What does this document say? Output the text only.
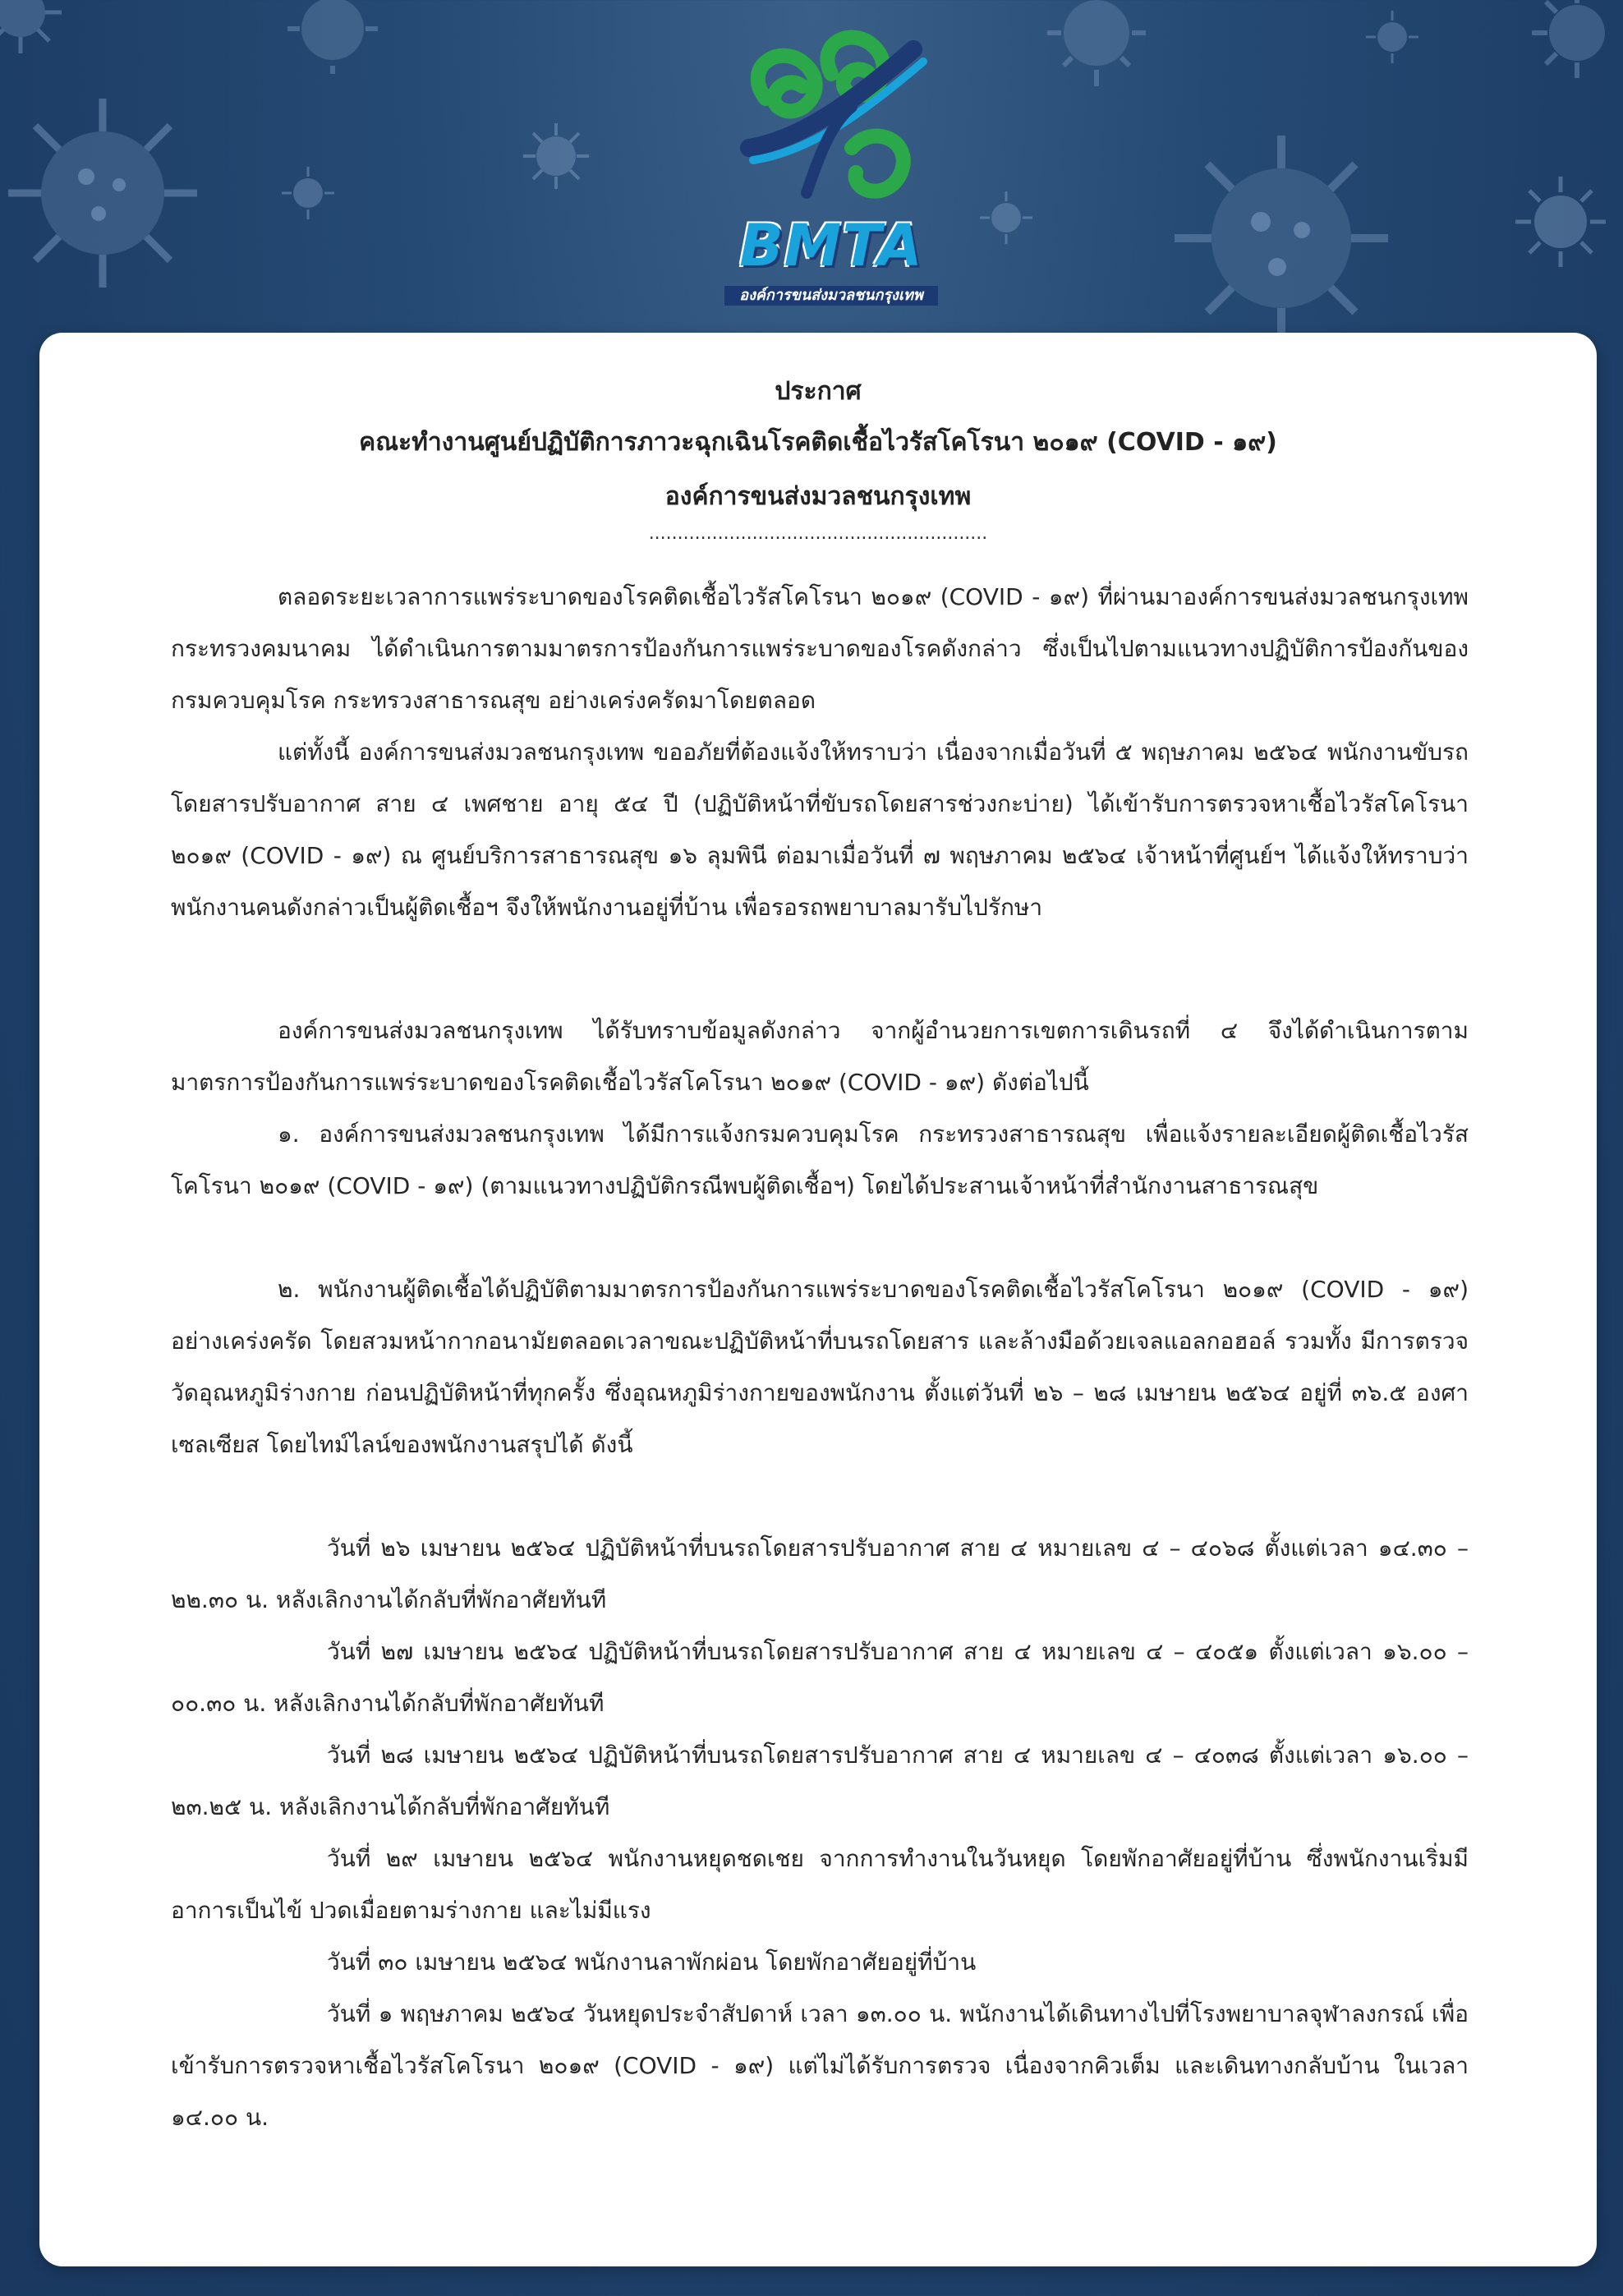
BMTA
องค์การขนส่งมวลชนกรุงเทพ
ประกาศ
คณะทำงานศูนย์ปฏิบัติการภาวะฉุกเฉินโรคติดเชื้อไวรัสโคโรนา ๒๐๑๙ (COVID - ๑๙)
องค์การขนส่งมวลชนกรุงเทพ
...........................................................

ตลอดระยะเวลาการแพร่ระบาดของโรคติดเชื้อไวรัสโคโรนา ๒๐๑๙ (COVID - ๑๙) ที่ผ่านมาองค์การขนส่งมวลชนกรุงเทพ กระทรวงคมนาคม ได้ดำเนินการตามมาตรการป้องกันการแพร่ระบาดของโรคดังกล่าว ซึ่งเป็นไปตามแนวทางปฏิบัติการป้องกันของกรมควบคุมโรค กระทรวงสาธารณสุข อย่างเคร่งครัดมาโดยตลอด

แต่ทั้งนี้ องค์การขนส่งมวลชนกรุงเทพ ขออภัยที่ต้องแจ้งให้ทราบว่า เนื่องจากเมื่อวันที่ ๕ พฤษภาคม ๒๕๖๔ พนักงานขับรถโดยสารปรับอากาศ สาย ๔ เพศชาย อายุ ๕๔ ปี (ปฏิบัติหน้าที่ขับรถโดยสารช่วงกะบ่าย) ได้เข้ารับการตรวจหาเชื้อไวรัสโคโรนา ๒๐๑๙ (COVID - ๑๙) ณ ศูนย์บริการสาธารณสุข ๑๖ ลุมพินี ต่อมาเมื่อวันที่ ๗ พฤษภาคม ๒๕๖๔ เจ้าหน้าที่ศูนย์ฯ ได้แจ้งให้ทราบว่า พนักงานคนดังกล่าวเป็นผู้ติดเชื้อฯ จึงให้พนักงานอยู่ที่บ้าน เพื่อรอรถพยาบาลมารับไปรักษา

องค์การขนส่งมวลชนกรุงเทพ ได้รับทราบข้อมูลดังกล่าว จากผู้อำนวยการเขตการเดินรถที่ ๔ จึงได้ดำเนินการตามมาตรการป้องกันการแพร่ระบาดของโรคติดเชื้อไวรัสโคโรนา ๒๐๑๙ (COVID - ๑๙) ดังต่อไปนี้

๑. องค์การขนส่งมวลชนกรุงเทพ ได้มีการแจ้งกรมควบคุมโรค กระทรวงสาธารณสุข เพื่อแจ้งรายละเอียดผู้ติดเชื้อไวรัสโคโรนา ๒๐๑๙ (COVID - ๑๙) (ตามแนวทางปฏิบัติกรณีพบผู้ติดเชื้อฯ) โดยได้ประสานเจ้าหน้าที่สำนักงานสาธารณสุข

๒. พนักงานผู้ติดเชื้อได้ปฏิบัติตามมาตรการป้องกันการแพร่ระบาดของโรคติดเชื้อไวรัสโคโรนา ๒๐๑๙ (COVID - ๑๙) อย่างเคร่งครัด โดยสวมหน้ากากอนามัยตลอดเวลาขณะปฏิบัติหน้าที่บนรถโดยสาร และล้างมือด้วยเจลแอลกอฮอล์ รวมทั้ง มีการตรวจวัดอุณหภูมิร่างกาย ก่อนปฏิบัติหน้าที่ทุกครั้ง ซึ่งอุณหภูมิร่างกายของพนักงาน ตั้งแต่วันที่ ๒๖ – ๒๘ เมษายน ๒๕๖๔ อยู่ที่ ๓๖.๕ องศาเซลเซียส โดยไทม์ไลน์ของพนักงานสรุปได้ ดังนี้

วันที่ ๒๖ เมษายน ๒๕๖๔ ปฏิบัติหน้าที่บนรถโดยสารปรับอากาศ สาย ๔ หมายเลข ๔ – ๔๐๖๘ ตั้งแต่เวลา ๑๔.๓๐ – ๒๒.๓๐ น. หลังเลิกงานได้กลับที่พักอาศัยทันที

วันที่ ๒๗ เมษายน ๒๕๖๔ ปฏิบัติหน้าที่บนรถโดยสารปรับอากาศ สาย ๔ หมายเลข ๔ – ๔๐๕๑ ตั้งแต่เวลา ๑๖.๐๐ – ๐๐.๓๐ น. หลังเลิกงานได้กลับที่พักอาศัยทันที

วันที่ ๒๘ เมษายน ๒๕๖๔ ปฏิบัติหน้าที่บนรถโดยสารปรับอากาศ สาย ๔ หมายเลข ๔ – ๔๐๓๘ ตั้งแต่เวลา ๑๖.๐๐ – ๒๓.๒๕ น. หลังเลิกงานได้กลับที่พักอาศัยทันที

วันที่ ๒๙ เมษายน ๒๕๖๔ พนักงานหยุดชดเชย จากการทำงานในวันหยุด โดยพักอาศัยอยู่ที่บ้าน ซึ่งพนักงานเริ่มมีอาการเป็นไข้ ปวดเมื่อยตามร่างกาย และไม่มีแรง

วันที่ ๓๐ เมษายน ๒๕๖๔ พนักงานลาพักผ่อน โดยพักอาศัยอยู่ที่บ้าน

วันที่ ๑ พฤษภาคม ๒๕๖๔ วันหยุดประจำสัปดาห์ เวลา ๑๓.๐๐ น. พนักงานได้เดินทางไปที่โรงพยาบาลจุฬาลงกรณ์ เพื่อเข้ารับการตรวจหาเชื้อไวรัสโคโรนา ๒๐๑๙ (COVID - ๑๙) แต่ไม่ได้รับการตรวจ เนื่องจากคิวเต็ม และเดินทางกลับบ้าน ในเวลา ๑๔.๐๐ น.
